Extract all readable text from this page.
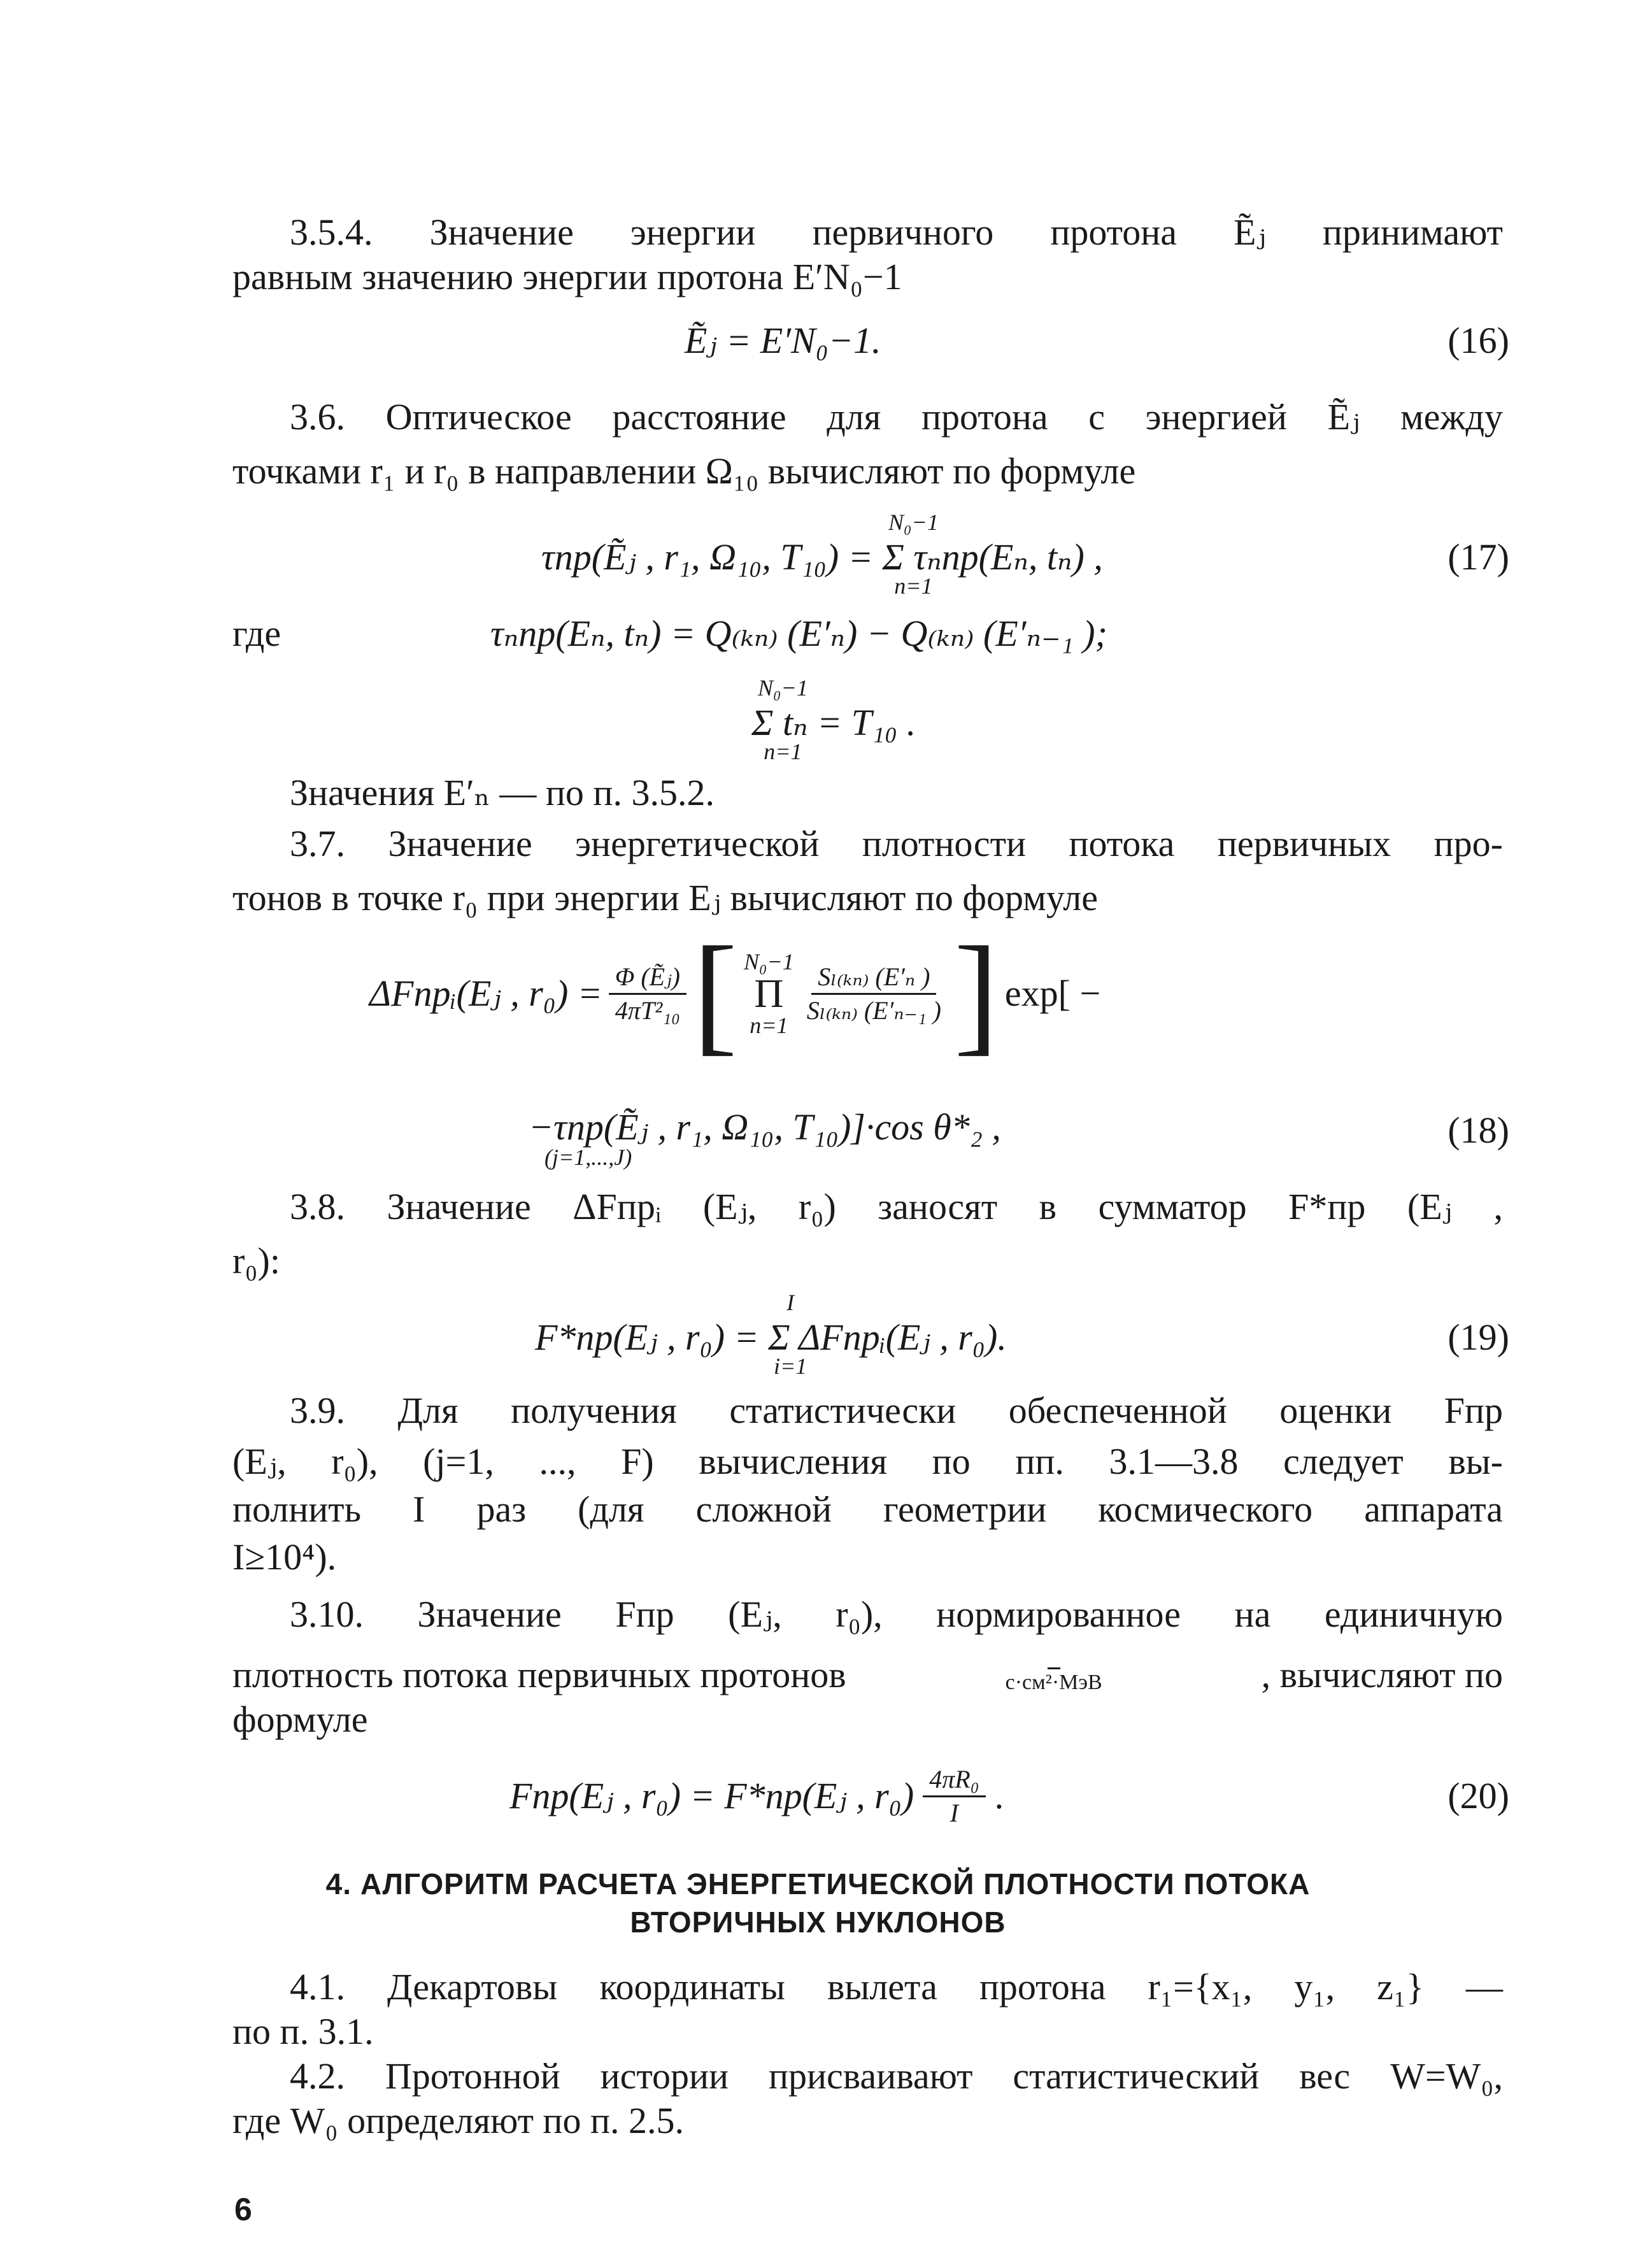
3.5.4. Значение энергии первичного протона Ẽⱼ принимают

равным значению энергии протона E′N₀−1

Ẽⱼ = E′N₀−1.	(16)

3.6. Оптическое расстояние для протона с энергией Ẽⱼ между

точками r₁ и r₀ в направлении Ω₁₀ вычисляют по формуле

τпр(Ẽⱼ , r₁, Ω₁₀, T₁₀) = Σ τₙпр(Eₙ, tₙ) ,
N₀−1
n=1
(17)

где	τₙпр(Eₙ, tₙ) = Q₍ₖₙ₎ (E′ₙ) − Q₍ₖₙ₎ (E′ₙ₋₁ );

N₀−1
n=1

Σ tₙ = T₁₀ .

Значения E′ₙ — по п. 3.5.2.

3.7. Значение энергетической плотности потока первичных про-

тонов в точке r₀ при энергии Eⱼ вычисляют по формуле

ΔFпрᵢ(Eⱼ , $r_0) = \frac{\text{Φ (Ẽⱼ)}}{\text{4πT²₁₀}}$ [ N₀−1
Π
$n=1 \frac{\text{Sₗ₍ₖₙ₎ (E′ₙ )}}{\text{Sₗ₍ₖₙ₎ (E′ₙ₋₁ )}}$ ] exp[ −

−τпр(Ẽⱼ , r₁, Ω₁₀, T₁₀)]·cos θ*₂ ,

(j=1,...,J)

(18)

3.8. Значение ΔFпрᵢ (Eⱼ, r₀) заносят в сумматор F*пр (Eⱼ ,

r₀):

I
i=1

F*пр(Eⱼ , r₀) = Σ ΔFпрᵢ(Eⱼ , r₀).	(19)

3.9. Для получения статистически обеспеченной оценки Fпр

(Eⱼ, r₀), (j=1, ..., F) вычисления по пп. 3.1—3.8 следует вы-

полнить I раз (для сложной геометрии космического аппарата

I≥10⁴).

3.10. Значение Fпр (Eⱼ, r₀), нормированное на единичную

плотность потока первичных протонов	с·см²·МэВ	, вычисляют по

формуле

Fпр(Eⱼ , r₀) = F*пр(Eⱼ , $r_0) \frac{\text{4πR₀}}{I}$ .	(20)
4. АЛГОРИТМ РАСЧЕТА ЭНЕРГЕТИЧЕСКОЙ ПЛОТНОСТИ ПОТОКА
ВТОРИЧНЫХ НУКЛОНОВ

4.1. Декартовы координаты вылета протона r₁={x₁, y₁, z₁} —

по п. 3.1.

4.2. Протонной истории присваивают статистический вес W=W₀,

где W₀ определяют по п. 2.5.

6
